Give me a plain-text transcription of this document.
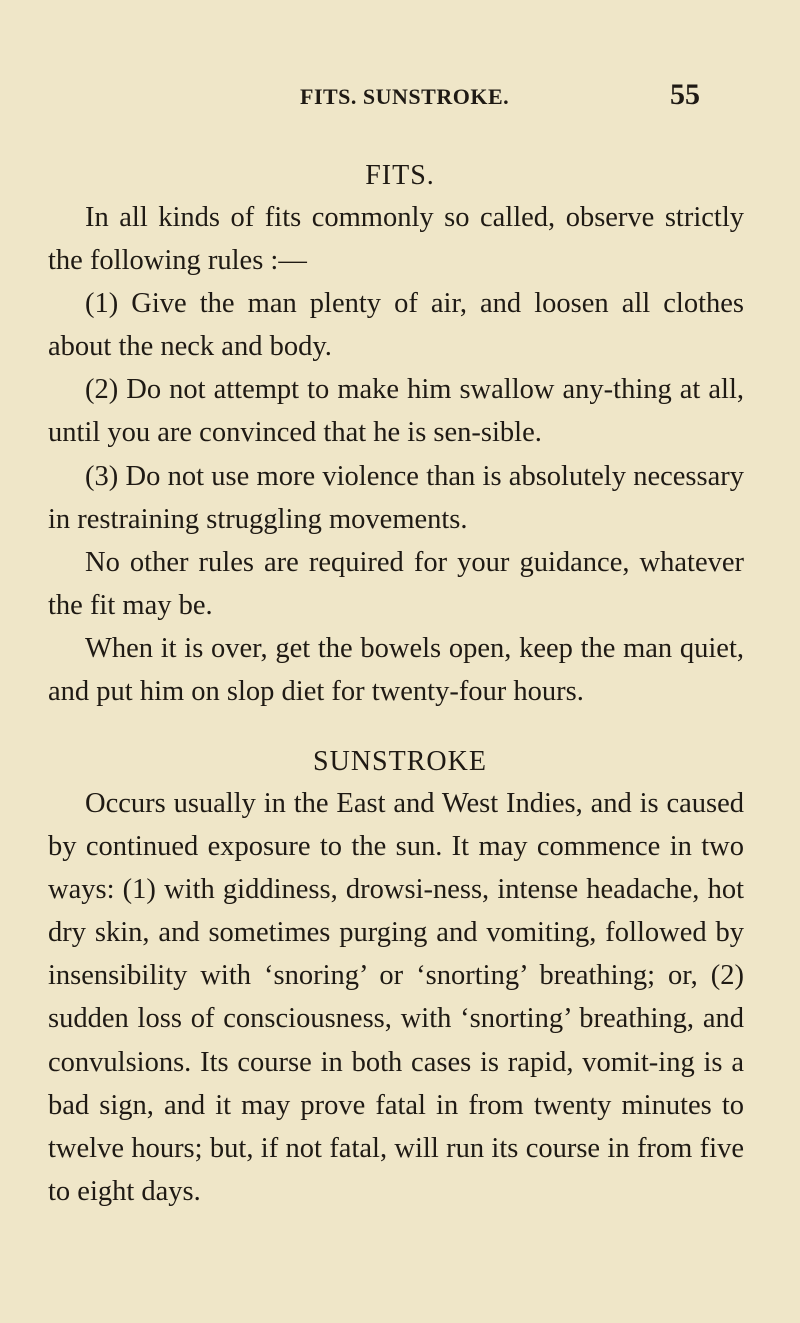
FITS. SUNSTROKE.	55
FITS.

In all kinds of fits commonly so called, observe strictly the following rules :—

(1) Give the man plenty of air, and loosen all clothes about the neck and body.

(2) Do not attempt to make him swallow any-thing at all, until you are convinced that he is sen-sible.

(3) Do not use more violence than is absolutely necessary in restraining struggling movements.

No other rules are required for your guidance, whatever the fit may be.

When it is over, get the bowels open, keep the man quiet, and put him on slop diet for twenty-four hours.

SUNSTROKE

Occurs usually in the East and West Indies, and is caused by continued exposure to the sun. It may commence in two ways: (1) with giddiness, drowsi-ness, intense headache, hot dry skin, and sometimes purging and vomiting, followed by insensibility with ‘snoring’ or ‘snorting’ breathing; or, (2) sudden loss of consciousness, with ‘snorting’ breathing, and convulsions. Its course in both cases is rapid, vomit-ing is a bad sign, and it may prove fatal in from twenty minutes to twelve hours; but, if not fatal, will run its course in from five to eight days.
